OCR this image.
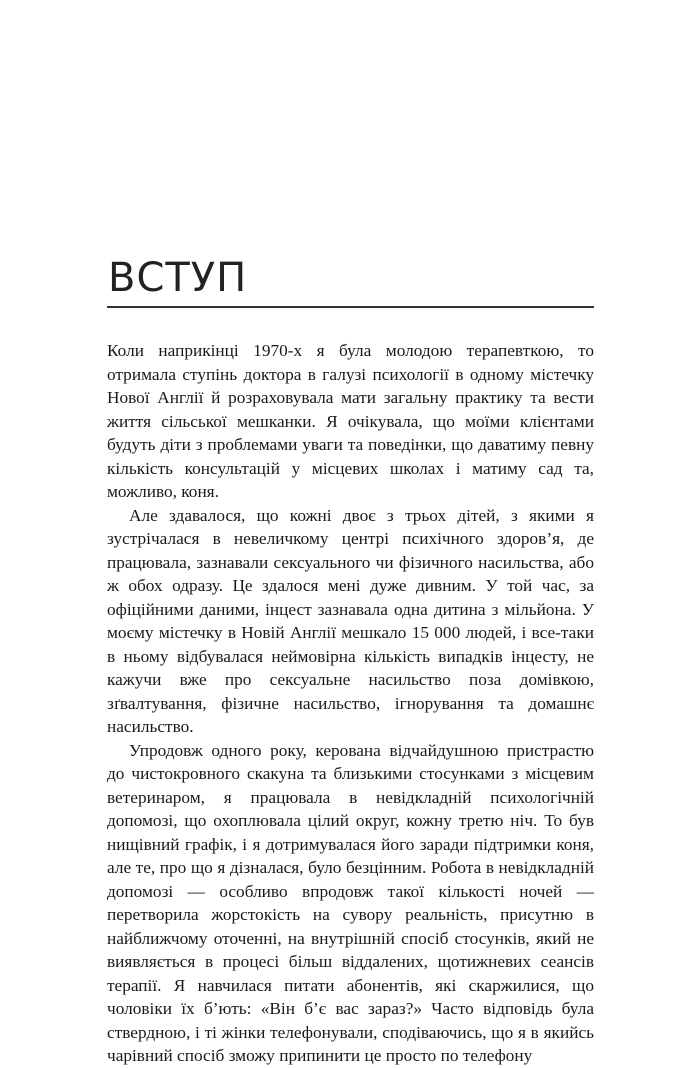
ВСТУП

Коли наприкінці 1970-х я була молодою терапевткою, то отримала ступінь доктора в галузі психології в одному містечку Нової Англії й розраховувала мати загальну практику та вести життя сільської мешканки. Я очікувала, що моїми клієнтами будуть діти з проблемами уваги та поведінки, що даватиму певну кількість консультацій у місцевих школах і матиму сад та, можливо, коня.

Але здавалося, що кожні двоє з трьох дітей, з якими я зустрічалася в невеличкому центрі психічного здоров’я, де працювала, зазнавали сексуального чи фізичного насильства, або ж обох одразу. Це здалося мені дуже дивним. У той час, за офіційними даними, інцест зазнавала одна дитина з мільйона. У моєму містечку в Новій Англії мешкало 15 000 людей, і все-таки в ньому відбувалася неймовірна кількість випадків інцесту, не кажучи вже про сексуальне насильство поза домівкою, зґвалтування, фізичне насильство, ігнорування та домашнє насильство.

Упродовж одного року, керована відчайдушною пристрастю до чистокровного скакуна та близькими стосунками з місцевим ветеринаром, я працювала в невідкладній психологічній допомозі, що охоплювала цілий округ, кожну третю ніч. То був нищівний графік, і я дотримувалася його заради підтримки коня, але те, про що я дізналася, було безцінним. Робота в невідкладній допомозі — особливо впродовж такої кількості ночей — перетворила жорстокість на сувору реальність, присутню в найближчому оточенні, на внутрішній спосіб стосунків, який не виявляється в процесі більш віддалених, щотижневих сеансів терапії. Я навчилася питати абонентів, які скаржилися, що чоловіки їх б’ють: «Він б’є вас зараз?» Часто відповідь була ствердною, і ті жінки телефонували, сподіваючись, що я в якийсь чарівний спосіб зможу припинити це просто по телефону
